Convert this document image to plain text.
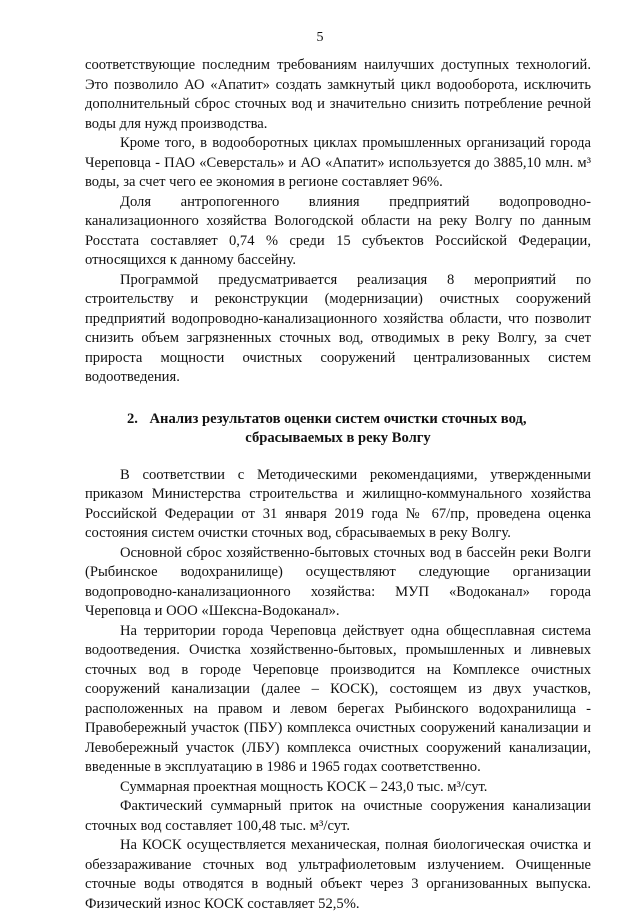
5

соответствующие последним требованиям наилучших доступных технологий. Это позволило АО «Апатит» создать замкнутый цикл водооборота, исключить дополнительный сброс сточных вод и значительно снизить потребление речной воды для нужд производства.

Кроме того, в водооборотных циклах промышленных организаций города Череповца - ПАО «Северсталь» и АО «Апатит» используется до 3885,10 млн. м³ воды, за счет чего ее экономия в регионе составляет 96%.

Доля антропогенного влияния предприятий водопроводно-канализационного хозяйства Вологодской области на реку Волгу по данным Росстата составляет 0,74 % среди 15 субъектов Российской Федерации, относящихся к данному бассейну.

Программой предусматривается реализация 8 мероприятий по строительству и реконструкции (модернизации) очистных сооружений предприятий водопроводно-канализационного хозяйства области, что позволит снизить объем загрязненных сточных вод, отводимых в реку Волгу, за счет прироста мощности очистных сооружений централизованных систем водоотведения.

2. Анализ результатов оценки систем очистки сточных вод,
сбрасываемых в реку Волгу

В соответствии с Методическими рекомендациями, утвержденными приказом Министерства строительства и жилищно-коммунального хозяйства Российской Федерации от 31 января 2019 года № 67/пр, проведена оценка состояния систем очистки сточных вод, сбрасываемых в реку Волгу.

Основной сброс хозяйственно-бытовых сточных вод в бассейн реки Волги (Рыбинское водохранилище) осуществляют следующие организации водопроводно-канализационного хозяйства: МУП «Водоканал» города Череповца и ООО «Шексна-Водоканал».

На территории города Череповца действует одна общесплавная система водоотведения. Очистка хозяйственно-бытовых, промышленных и ливневых сточных вод в городе Череповце производится на Комплексе очистных сооружений канализации (далее – КОСК), состоящем из двух участков, расположенных на правом и левом берегах Рыбинского водохранилища - Правобережный участок (ПБУ) комплекса очистных сооружений канализации и Левобережный участок (ЛБУ) комплекса очистных сооружений канализации, введенные в эксплуатацию в 1986 и 1965 годах соответственно.

Суммарная проектная мощность КОСК – 243,0 тыс. м³/сут.

Фактический суммарный приток на очистные сооружения канализации сточных вод составляет 100,48 тыс. м³/сут.

На КОСК осуществляется механическая, полная биологическая очистка и обеззараживание сточных вод ультрафиолетовым излучением. Очищенные сточные воды отводятся в водный объект через 3 организованных выпуска. Физический износ КОСК составляет 52,5%.
